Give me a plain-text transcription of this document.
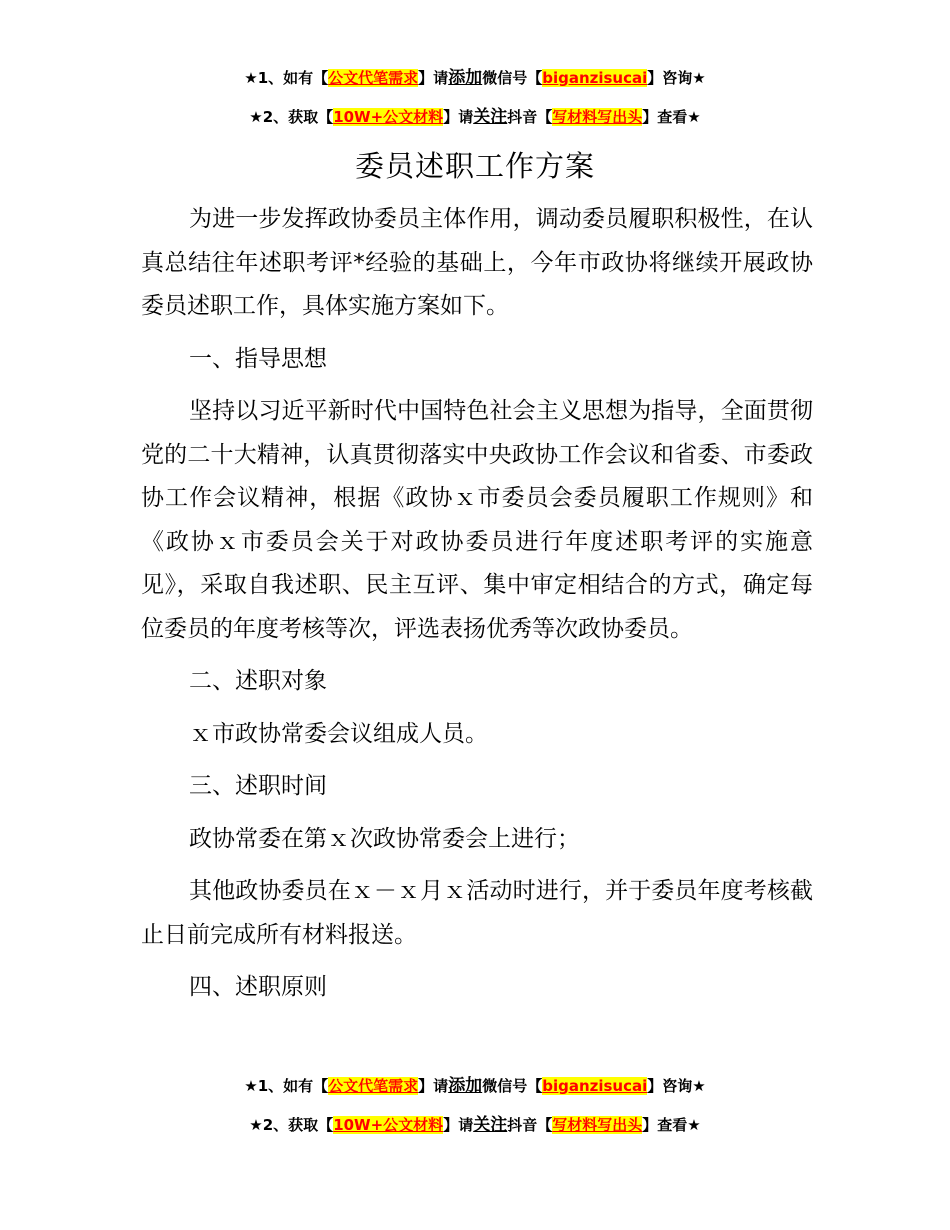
★1、如有【公文代笔需求】请添加微信号【biganzisucai】咨询★
★2、获取【10W+公文材料】请关注抖音【写材料写出头】查看★
委员述职工作方案

为进一步发挥政协委员主体作用，调动委员履职积极性，在认真总结往年述职考评*经验的基础上，今年市政协将继续开展政协委员述职工作，具体实施方案如下。

一、指导思想

坚持以习近平新时代中国特色社会主义思想为指导，全面贯彻党的二十大精神，认真贯彻落实中央政协工作会议和省委、市委政协工作会议精神，根据《政协ｘ市委员会委员履职工作规则》和《政协ｘ市委员会关于对政协委员进行年度述职考评的实施意见》，采取自我述职、民主互评、集中审定相结合的方式，确定每位委员的年度考核等次，评选表扬优秀等次政协委员。

二、述职对象

ｘ市政协常委会议组成人员。

三、述职时间

政协常委在第ｘ次政协常委会上进行；

其他政协委员在ｘ－ｘ月ｘ活动时进行，并于委员年度考核截止日前完成所有材料报送。

四、述职原则

★1、如有【公文代笔需求】请添加微信号【biganzisucai】咨询★
★2、获取【10W+公文材料】请关注抖音【写材料写出头】查看★
